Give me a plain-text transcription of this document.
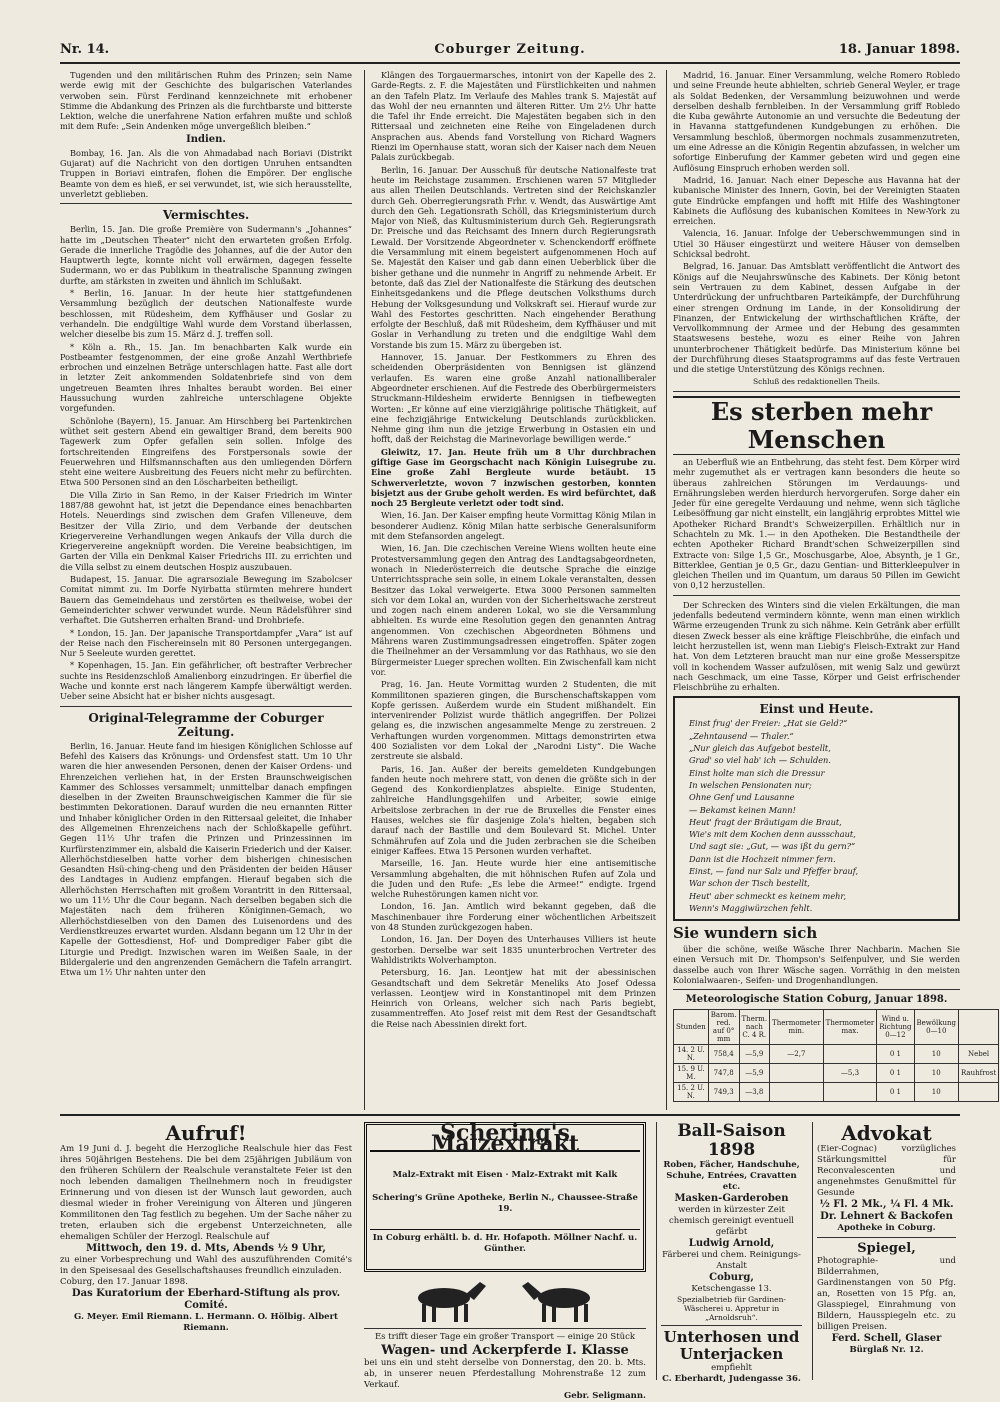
Nr. 14.	Coburger Zeitung.	18. Januar 1898.

Tugenden und den militärischen Ruhm des Prinzen; sein Name werde ewig mit der Geschichte des bulgarischen Vaterlandes verwoben sein. Fürst Ferdinand kennzeichnete mit erhobener Stimme die Abdankung des Prinzen als die furchtbarste und bitterste Lektion, welche die unerfahrene Nation erfahren mußte und schloß mit dem Rufe: „Sein Andenken möge unvergeßlich bleiben.“

Indien.

Bombay, 16. Jan. Als die von Ahmadabad nach Boriavi (Distrikt Gujarat) auf die Nachricht von den dortigen Unruhen entsandten Truppen in Boriavi eintrafen, flohen die Empörer. Der englische Beamte von dem es hieß, er sei verwundet, ist, wie sich herausstellte, unverletzt geblieben.

Vermischtes.

Berlin, 15. Jan. Die große Première von Sudermann's „Johannes“ hatte im „Deutschen Theater“ nicht den erwarteten großen Erfolg. Gerade die innerliche Tragödie des Johannes, auf die der Autor den Hauptwerth legte, konnte nicht voll erwärmen, dagegen fesselte Sudermann, wo er das Publikum in theatralische Spannung zwingen durfte, am stärksten in zweiten und ähnlich im Schlußakt.

* Berlin, 16. Januar. In der heute hier stattgefundenen Versammlung bezüglich der deutschen Nationalfeste wurde beschlossen, mit Rüdesheim, dem Kyffhäuser und Goslar zu verhandeln. Die endgültige Wahl wurde dem Vorstand überlassen, welcher dieselbe bis zum 15. März d. J. treffen soll.

* Köln a. Rh., 15. Jan. Im benachbarten Kalk wurde ein Postbeamter festgenommen, der eine große Anzahl Werthbriefe erbrochen und einzelnen Beträge unterschlagen hatte. Fast alle dort in letzter Zeit ankommenden Soldatenbriefe sind von dem ungetreuen Beamten ihres Inhaltes beraubt worden. Bei einer Haussuchung wurden zahlreiche unterschlagene Objekte vorgefunden.

Schönlohe (Bayern), 15. Januar. Am Hirschberg bei Partenkirchen wüthet seit gestern Abend ein gewaltiger Brand, dem bereits 900 Tagewerk zum Opfer gefallen sein sollen. Infolge des fortschreitenden Eingreifens des Forstpersonals sowie der Feuerwehren und Hilfsmannschaften aus den umliegenden Dörfern steht eine weitere Ausbreitung des Feuers nicht mehr zu befürchten. Etwa 500 Personen sind an den Löscharbeiten betheiligt.

Die Villa Zirio in San Remo, in der Kaiser Friedrich im Winter 1887/88 gewohnt hat, ist jetzt die Dependance eines benachbarten Hotels. Neuerdings sind zwischen dem Grafen Villeneuve, dem Besitzer der Villa Zirio, und dem Verbande der deutschen Kriegervereine Verhandlungen wegen Ankaufs der Villa durch die Kriegervereine angeknüpft worden. Die Vereine beabsichtigen, im Garten der Villa ein Denkmal Kaiser Friedrichs III. zu errichten und die Villa selbst zu einem deutschen Hospiz auszubauen.

Budapest, 15. Januar. Die agrarsoziale Bewegung im Szabolcser Comitat nimmt zu. Im Dorfe Nyirbatta stürmten mehrere hundert Bauern das Gemeindehaus und zerstörten es theilweise, wobei der Gemeinderichter schwer verwundet wurde. Neun Rädelsführer sind verhaftet. Die Gutsherren erhalten Brand- und Drohbriefe.

* London, 15. Jan. Der japanische Transportdampfer „Vara“ ist auf der Reise nach den Fischereinseln mit 80 Personen untergegangen. Nur 5 Seeleute wurden gerettet.

* Kopenhagen, 15. Jan. Ein gefährlicher, oft bestrafter Verbrecher suchte ins Residenzschloß Amalienborg einzudringen. Er überfiel die Wache und konnte erst nach längerem Kampfe überwältigt werden. Ueber seine Absicht hat er bisher nichts ausgesagt.

Original-Telegramme der Coburger Zeitung.

Berlin, 16. Januar. Heute fand im hiesigen Königlichen Schlosse auf Befehl des Kaisers das Krönungs- und Ordensfest statt. Um 10 Uhr waren die hier anwesenden Personen, denen der Kaiser Ordens- und Ehrenzeichen verliehen hat, in der Ersten Braunschweigischen Kammer des Schlosses versammelt; unmittelbar danach empfingen dieselben in der Zweiten Braunschweigischen Kammer die für sie bestimmten Dekorationen. Darauf wurden die neu ernannten Ritter und Inhaber königlicher Orden in den Rittersaal geleitet, die Inhaber des Allgemeinen Ehrenzeichens nach der Schloßkapelle geführt. Gegen 11½ Uhr trafen die Prinzen und Prinzessinnen im Kurfürstenzimmer ein, alsbald die Kaiserin Friederich und der Kaiser. Allerhöchstdieselben hatte vorher dem bisherigen chinesischen Gesandten Hsü-ching-cheng und den Präsidenten der beiden Häuser des Landtages in Audienz empfangen. Hierauf begaben sich die Allerhöchsten Herrschaften mit großem Vorantritt in den Rittersaal, wo um 11½ Uhr die Cour begann. Nach derselben begaben sich die Majestäten nach dem früheren Königinnen-Gemach, wo Allerhöchstdieselben von den Damen des Luisenordens und des Verdienstkreuzes erwartet wurden. Alsdann begann um 12 Uhr in der Kapelle der Gottesdienst, Hof- und Domprediger Faber gibt die Liturgie und Predigt. Inzwischen waren im Weißen Saale, in der Bildergalerie und den angrenzenden Gemächern die Tafeln arrangirt. Etwa um 1½ Uhr nahten unter den

Klängen des Torgauermarsches, intonirt von der Kapelle des 2. Garde-Regts. z. F. die Majestäten und Fürstlichkeiten und nahmen an den Tafeln Platz. Im Verlaufe des Mahles trank S. Majestät auf das Wohl der neu ernannten und älteren Ritter. Um 2½ Uhr hatte die Tafel ihr Ende erreicht. Die Majestäten begaben sich in den Rittersaal und zeichneten eine Reihe von Eingeladenen durch Ansprachen aus. Abends fand Vorstellung von Richard Wagners Rienzi im Opernhause statt, woran sich der Kaiser nach dem Neuen Palais zurückbegab.

Berlin, 16. Januar. Der Ausschuß für deutsche Nationalfeste trat heute im Reichstage zusammen. Erschienen waren 57 Mitglieder aus allen Theilen Deutschlands. Vertreten sind der Reichskanzler durch Geh. Oberregierungsrath Frhr. v. Wendt, das Auswärtige Amt durch den Geh. Legationsrath Schöll, das Kriegsministerium durch Major von Nieß, das Kultusministerium durch Geh. Regierungsrath Dr. Preische und das Reichsamt des Innern durch Regierungsrath Lewald. Der Vorsitzende Abgeordneter v. Schenckendorff eröffnete die Versammlung mit einem begeistert aufgenommenen Hoch auf Se. Majestät den Kaiser und gab dann einen Ueberblick über die bisher gethane und die nunmehr in Angriff zu nehmende Arbeit. Er betonte, daß das Ziel der Nationalfeste die Stärkung des deutschen Einheitsgedankens und die Pflege deutschen Volksthums durch Hebung der Volksgesundung und Volkskraft sei. Hierauf wurde zur Wahl des Festortes geschritten. Nach eingehender Berathung erfolgte der Beschluß, daß mit Rüdesheim, dem Kyffhäuser und mit Goslar in Verhandlung zu treten und die endgiltige Wahl dem Vorstande bis zum 15. März zu übergeben ist.

Hannover, 15. Januar. Der Festkommers zu Ehren des scheidenden Oberpräsidenten von Bennigsen ist glänzend verlaufen. Es waren eine große Anzahl nationalliberaler Abgeordneter erschienen. Auf die Festrede des Oberbürgermeisters Struckmann-Hildesheim erwiderte Bennigsen in tiefbewegten Worten: „Er könne auf eine vierzigjährige politische Thätigkeit, auf eine fechzigjährige Entwickelung Deutschlands zurückblicken. Nehme ging ihm nun die jetzige Erwerbung in Ostasien ein und hofft, daß der Reichstag die Marinevorlage bewilligen werde.“

Gleiwitz, 17. Jan. Heute früh um 8 Uhr durchbrachen giftige Gase im Georgschacht nach Königin Luisegrube zu. Eine große Zahl Bergleute wurde betäubt. 15 Schwerverletzte, wovon 7 inzwischen gestorben, konnten bisjetzt aus der Grube geholt werden. Es wird befürchtet, daß noch 25 Bergleute verletzt oder todt sind.

Wien, 16. Jan. Der Kaiser empfing heute Vormittag König Milan in besonderer Audienz. König Milan hatte serbische Generalsuniform mit dem Stefansorden angelegt.

Wien, 16. Jan. Die czechischen Vereine Wiens wollten heute eine Protestversammlung gegen den Antrag des Landtagsabgeordneten, wonach in Niederösterreich die deutsche Sprache die einzige Unterrichtssprache sein solle, in einem Lokale veranstalten, dessen Besitzer das Lokal verweigerte. Etwa 3000 Personen sammelten sich vor dem Lokal an, wurden von der Sicherheitswache zerstreut und zogen nach einem anderen Lokal, wo sie die Versammlung abhielten. Es wurde eine Resolution gegen den genannten Antrag angenommen. Von czechischen Abgeordneten Böhmens und Mährens waren Zustimmungsadressen eingetroffen. Später zogen die Theilnehmer an der Versammlung vor das Rathhaus, wo sie den Bürgermeister Lueger sprechen wollten. Ein Zwischenfall kam nicht vor.

Prag, 16. Jan. Heute Vormittag wurden 2 Studenten, die mit Kommilitonen spazieren gingen, die Burschenschaftskappen vom Kopfe gerissen. Außerdem wurde ein Student mißhandelt. Ein intervenirender Polizist wurde thätlich angegriffen. Der Polizei gelang es, die inzwischen angesammelte Menge zu zerstreuen. 2 Verhaftungen wurden vorgenommen. Mittags demonstrirten etwa 400 Sozialisten vor dem Lokal der „Narodni Listy“. Die Wache zerstreute sie alsbald.

Paris, 16. Jan. Außer der bereits gemeldeten Kundgebungen fanden heute noch mehrere statt, von denen die größte sich in der Gegend des Konkordienplatzes abspielte. Einige Studenten, zahlreiche Handlungsgehilfen und Arbeiter, sowie einige Arbeitslose zerbrachen in der rue de Bruxelles die Fenster eines Hauses, welches sie für dasjenige Zola's hielten, begaben sich darauf nach der Bastille und dem Boulevard St. Michel. Unter Schmährufen auf Zola und die Juden zerbrachen sie die Scheiben einiger Kaffees. Etwa 15 Personen wurden verhaftet.

Marseille, 16. Jan. Heute wurde hier eine antisemitische Versammlung abgehalten, die mit höhnischen Rufen auf Zola und die Juden und den Rufe: „Es lebe die Armee!“ endigte. Irgend welche Ruhestörungen kamen nicht vor.

London, 16. Jan. Amtlich wird bekannt gegeben, daß die Maschinenbauer ihre Forderung einer wöchentlichen Arbeitszeit von 48 Stunden zurückgezogen haben.

London, 16. Jan. Der Doyen des Unterhauses Villiers ist heute gestorben. Derselbe war seit 1835 ununterbrochen Vertreter des Wahldistrikts Wolverhampton.

Petersburg, 16. Jan. Leontjew hat mit der abessinischen Gesandtschaft und dem Sekretär Meneliks Ato Josef Odessa verlassen. Leontjew wird in Konstantinopel mit dem Prinzen Heinrich von Orleans, welcher sich nach Paris begiebt, zusammentreffen. Ato Josef reist mit dem Rest der Gesandtschaft die Reise nach Abessinien direkt fort.

Madrid, 16. Januar. Einer Versammlung, welche Romero Robledo und seine Freunde heute abhielten, schrieb General Weyler, er trage als Soldat Bedenken, der Versammlung beizuwohnen und werde derselben deshalb fernbleiben. In der Versammlung griff Robledo die Kuba gewährte Autonomie an und versuchte die Bedeutung der in Havanna stattgefundenen Kundgebungen zu erhöhen. Die Versammlung beschloß, übermorgen nochmals zusammenzutreten, um eine Adresse an die Königin Regentin abzufassen, in welcher um sofortige Einberufung der Kammer gebeten wird und gegen eine Auflösung Einspruch erhoben werden soll.

Madrid, 16. Januar. Nach einer Depesche aus Havanna hat der kubanische Minister des Innern, Govin, bei der Vereinigten Staaten gute Eindrücke empfangen und hofft mit Hilfe des Washingtoner Kabinets die Auflösung des kubanischen Komitees in New-York zu erreichen.

Valencia, 16. Januar. Infolge der Ueberschwemmungen sind in Utiel 30 Häuser eingestürzt und weitere Häuser von demselben Schicksal bedroht.

Belgrad, 16. Januar. Das Amtsblatt veröffentlicht die Antwort des Königs auf die Neujahrswünsche des Kabinets. Der König betont sein Vertrauen zu dem Kabinet, dessen Aufgabe in der Unterdrückung der unfruchtbaren Parteikämpfe, der Durchführung einer strengen Ordnung im Lande, in der Konsolidirung der Finanzen, der Entwickelung der wirthschaftlichen Kräfte, der Vervollkommnung der Armee und der Hebung des gesammten Staatswesens bestehe, wozu es einer Reihe von Jahren ununterbrochener Thätigkeit bedürfe. Das Ministerium könne bei der Durchführung dieses Staatsprogramms auf das feste Vertrauen und die stetige Unterstützung des Königs rechnen.

Schluß des redaktionellen Theils.

Es sterben mehr Menschen

an Ueberfluß wie an Entbehrung, das steht fest. Dem Körper wird mehr zugemuthet als er vertragen kann besonders die heute so überaus zahlreichen Störungen im Verdauungs- und Ernährungsleben werden hierdurch hervorgerufen. Sorge daher ein Jeder für eine geregelte Verdauung und nehme, wenn sich tägliche Leibesöffnung gar nicht einstellt, ein langjährig erprobtes Mittel wie Apotheker Richard Brandt's Schweizerpillen. Erhältlich nur in Schachteln zu Mk. 1.— in den Apotheken. Die Bestandtheile der echten Apotheker Richard Brandt'schen Schweizerpillen sind Extracte von: Silge 1,5 Gr., Moschusgarbe, Aloe, Absynth, je 1 Gr., Bitterklee, Gentian je 0,5 Gr., dazu Gentian- und Bitterkleepulver in gleichen Theilen und im Quantum, um daraus 50 Pillen im Gewicht von 0,12 herzustellen.

Der Schrecken des Winters sind die vielen Erkältungen, die man jedenfalls bedeutend vermindern könnte, wenn man einen wirklich Wärme erzeugenden Trunk zu sich nähme. Kein Getränk aber erfüllt diesen Zweck besser als eine kräftige Fleischbrühe, die einfach und leicht herzustellen ist, wenn man Liebig's Fleisch-Extrakt zur Hand hat. Von dem Letzteren braucht man nur eine große Messerspitze voll in kochendem Wasser aufzulösen, mit wenig Salz und gewürzt nach Geschmack, um eine Tasse, Körper und Geist erfrischender Fleischbrühe zu erhalten.

Einst und Heute.

Einst frug' der Freier: „Hat sie Geld?“

„Zehntausend — Thaler.“

„Nur gleich das Aufgebot bestellt,

Grad' so viel hab' ich — Schulden.

Einst holte man sich die Dressur

In welschen Pensionaten nur;

Ohne Genf und Lausanne

— Bekamst keinen Mann!

Heut' fragt der Bräutigam die Braut,

Wie's mit dem Kochen denn aussschaut,

Und sagt sie: „Gut, — was ißt du gern?“

Dann ist die Hochzeit nimmer fern.

Einst, — fand nur Salz und Pfeffer brauf,

War schon der Tisch bestellt,

Heut' aber schmeckt es keinem mehr,

Wenn's Maggiwürzchen fehlt.

Sie wundern sich

über die schöne, weiße Wäsche Ihrer Nachbarin. Machen Sie einen Versuch mit Dr. Thompson's Seifenpulver, und Sie werden dasselbe auch von Ihrer Wäsche sagen. Vorräthig in den meisten Kolonialwaaren-, Seifen- und Drogenhandlungen.

Meteorologische Station Coburg, Januar 1898.

Stunden	Barom. red. auf 0° mm	Therm. nach C. 4 R.	Thermometer min.	Thermometer max.	Wind u. Richtung 0—12	Bewölkung 0—10	
14. 2 U. N.	758,4	—5,9	—2,7		0 1	10	Nebel
15. 9 U. M.	747,8	—5,9		—5,3	0 1	10	Rauhfrost
15. 2 U. N.	749,3	—3,8			0 1	10	
Aufruf!
Am 19 Juni d. J. begeht die Herzogliche Realschule hier das Fest ihres 50jährigen Bestehens. Die bei dem 25jährigen Jubiläum von den früheren Schülern der Realschule veranstaltete Feier ist den noch lebenden damaligen Theilnehmern noch in freudigster Erinnerung und von diesen ist der Wunsch laut geworden, auch diesmal wieder in froher Vereinigung von Älteren und jüngeren Kommilitonen den Tag festlich zu begehen. Um der Sache näher zu treten, erlauben sich die ergebenst Unterzeichneten, alle ehemaligen Schüler der Herzogl. Realschule auf
Mittwoch, den 19. d. Mts, Abends ½ 9 Uhr,
zu einer Vorbesprechung und Wahl des auszuführenden Comité's in den Speisesaal des Gesellschaftshauses freundlich einzuladen.
Coburg, den 17. Januar 1898.
Das Kuratorium der Eberhard-Stiftung als prov. Comité.
G. Meyer. Emil Riemann. L. Hermann. O. Hölbig. Albert Riemann.
Schering's Malzextrakt
Malz-Extrakt mit Eisen · Malz-Extrakt mit Kalk
Schering's Grüne Apotheke, Berlin N., Chaussee-Straße 19.
In Coburg erhältl. b. d. Hr. Hofapoth. Möllner Nachf. u. Günther.
Es trifft dieser Tage ein großer Transport — einige 20 Stück
Wagen- und Ackerpferde I. Klasse
bei uns ein und steht derselbe von Donnerstag, den 20. b. Mts. ab, in unserer neuen Pferdestallung Mohrenstraße 12 zum Verkauf.
Gebr. Seligmann.
Ball-Saison 1898
Roben, Fächer, Handschuhe, Schuhe, Entrées, Cravatten etc.
Masken-Garderoben
werden in kürzester Zeit chemisch gereinigt eventuell gefärbt
Ludwig Arnold,
Färberei und chem. Reinigungs-Anstalt
Coburg,
Ketschengasse 13.
Spezialbetrieb für Gardinen-Wäscherei u. Appretur in „Arnoldsruh“.
Unterhosen und Unterjacken
empfiehlt
C. Eberhardt, Judengasse 36.
Advokat
(Eier-Cognac) vorzügliches Stärkungsmittel für Reconvalescenten und angenehmstes Genußmittel für Gesunde
½ Fl. 2 Mk., ¼ Fl. 4 Mk.
Dr. Lehnert & Backofen
Apotheke in Coburg.
Spiegel,
Photographie- und Bilderrahmen, Gardinenstangen von 50 Pfg. an, Rosetten von 15 Pfg. an, Glasspiegel, Einrahmung von Bildern, Hausspiegeln etc. zu billigen Preisen.
Ferd. Schell, Glaser
Bürglaß Nr. 12.
